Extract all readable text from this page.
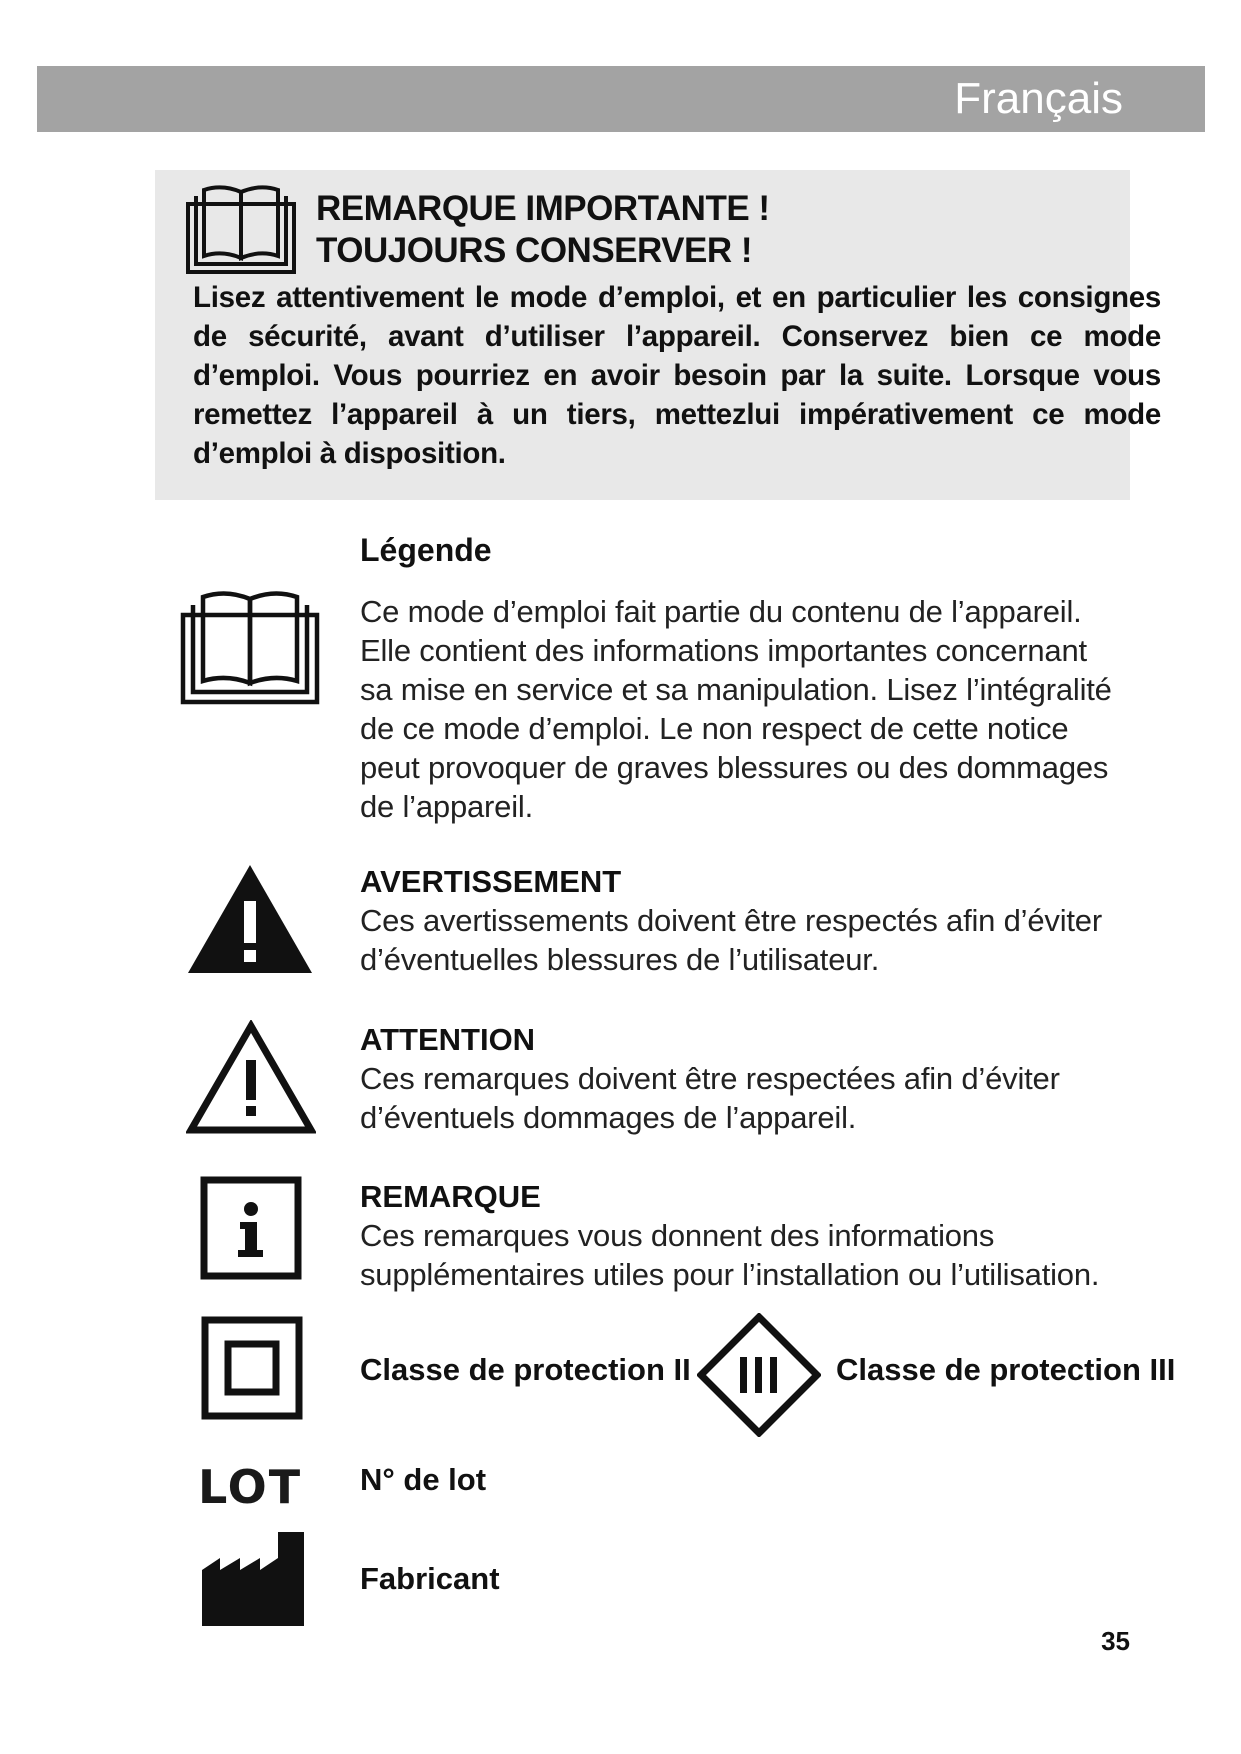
Français
REMARQUE IMPORTANTE !
TOUJOURS CONSERVER !
Lisez attentivement le mode d’emploi, et en particulier les consignes de sécurité, avant d’utiliser l’appareil. Conservez bien ce mode d’emploi. Vous pourriez en avoir besoin par la suite. Lorsque vous remettez l’appareil à un tiers, mettezlui impérativement ce mode d’emploi à disposition.
Légende
Ce mode d’emploi fait partie du contenu de l’appareil.
Elle contient des informations importantes concernant
sa mise en service et sa manipulation. Lisez l’intégralité
de ce mode d’emploi. Le non respect de cette notice
peut provoquer de graves blessures ou des dommages
de l’appareil.
AVERTISSEMENT
Ces avertissements doivent être respectés afin d’éviter
d’éventuelles blessures de l’utilisateur.
ATTENTION
Ces remarques doivent être respectées afin d’éviter
d’éventuels dommages de l’appareil.
REMARQUE
Ces remarques vous donnent des informations
supplémentaires utiles pour l’installation ou l’utilisation.
Classe de protection II	Classe de protection III
LOT N° de lot
Fabricant
35
